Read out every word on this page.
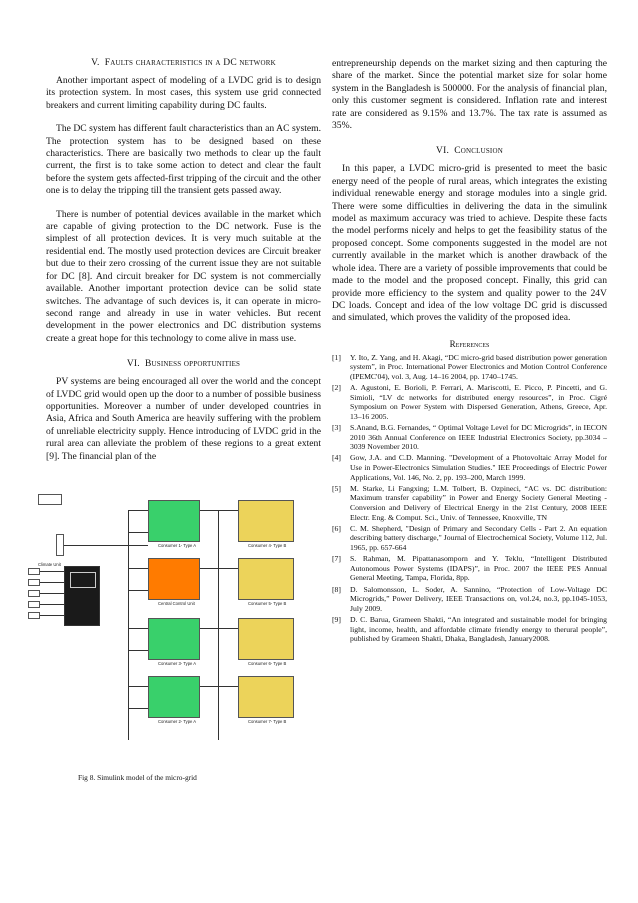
V. Faults characteristics in a DC network

Another important aspect of modeling of a LVDC grid is to design its protection system. In most cases, this system use grid connected breakers and current limiting capability during DC faults.

The DC system has different fault characteristics than an AC system. The protection system has to be designed based on these characteristics. There are basically two methods to clear up the fault current, the first is to take some action to detect and clear the fault before the system gets affected-first tripping of the circuit and the other one is to delay the tripping till the transient gets passed away.

There is number of potential devices available in the market which are capable of giving protection to the DC network. Fuse is the simplest of all protection devices. It is very much suitable at the residential end. The mostly used protection devices are Circuit breaker but due to their zero crossing of the current issue they are not suitable for DC [8]. And circuit breaker for DC system is not commercially available. Another important protection device can be solid state switches. The advantage of such devices is, it can operate in micro-second range and already in use in water vehicles. But recent development in the power electronics and DC distribution systems create a great hope for this technology to come alive in mass use.

VI. Business opportunities

PV systems are being encouraged all over the world and the concept of LVDC grid would open up the door to a number of possible business opportunities. Moreover a number of under developed countries in Asia, Africa and South America are heavily suffering with the problem of unreliable electricity supply. Hence introducing of LVDC grid in the rural area can alleviate the problem of these regions to a great extent [9]. The financial plan of the

Climate Unit
Consumer 1- Type A
Central Control Unit
Consumer 3- Type A
Consumer 2- Type A
Consumer 4- Type B
Consumer 5- Type B
Consumer 6- Type B
Consumer 7- Type B
Fig 8. Simulink model of the micro-grid

entrepreneurship depends on the market sizing and then capturing the share of the market. Since the potential market size for solar home system in the Bangladesh is 500000. For the analysis of financial plan, only this customer segment is considered. Inflation rate and interest rate are considered as 9.15% and 13.7%. The tax rate is assumed as 35%.

VI. Conclusion

In this paper, a LVDC micro-grid is presented to meet the basic energy need of the people of rural areas, which integrates the existing individual renewable energy and storage modules into a single grid. There were some difficulties in delivering the data in the simulink model as maximum accuracy was tried to achieve. Despite these facts the model performs nicely and helps to get the feasibility status of the proposed concept. Some components suggested in the model are not currently available in the market which is another drawback of the whole idea. There are a variety of possible improvements that could be made to the model and the proposed concept. Finally, this grid can provide more efficiency to the system and quality power to the 24V DC loads. Concept and idea of the low voltage DC grid is discussed and simulated, which proves the validity of the proposed idea.

References
[1]	Y. Ito, Z. Yang, and H. Akagi, “DC micro-grid based distribution power generation system”, in Proc. International Power Electronics and Motion Control Conference (IPEMC'04), vol. 3, Aug. 14–16 2004, pp. 1740–1745.
[2]	A. Agustoni, E. Borioli, P. Ferrari, A. Mariscotti, E. Picco, P. Pincetti, and G. Simioli, “LV dc networks for distributed energy resources”, in Proc. Cigré Symposium on Power System with Dispersed Generation, Athens, Greece, Apr. 13–16 2005.
[3]	S.Anand, B.G. Fernandes, “ Optimal Voltage Level for DC Microgrids”, in IECON 2010 36th Annual Conference on IEEE Industrial Electronics Society, pp.3034 –3039 November 2010.
[4]	Gow, J.A. and C.D. Manning. "Development of a Photovoltaic Array Model for Use in Power-Electronics Simulation Studies." IEE Proceedings of Electric Power Applications, Vol. 146, No. 2, pp. 193–200, March 1999.
[5]	M. Starke, Li Fangxing; L.M. Tolbert, B. Ozpineci, “AC vs. DC distribution: Maximum transfer capability” in Power and Energy Society General Meeting - Conversion and Delivery of Electrical Energy in the 21st Century, 2008 IEEE Electr. Eng. & Comput. Sci., Univ. of Tennessee, Knoxville, TN
[6]	C. M. Shepherd, "Design of Primary and Secondary Cells - Part 2. An equation describing battery discharge," Journal of Electrochemical Society, Volume 112, Jul. 1965, pp. 657-664
[7]	S. Rahman, M. Pipattanasomporn and Y. Teklu, “Intelligent Distributed Autonomous Power Systems (IDAPS)”, in Proc. 2007 the IEEE PES Annual General Meeting, Tampa, Florida, 8pp.
[8]	D. Salomonsson, L. Soder, A. Sannino, “Protection of Low-Voltage DC Microgrids,” Power Delivery, IEEE Transactions on, vol.24, no.3, pp.1045-1053, July 2009.
[9]	D. C. Barua, Grameen Shakti, “An integrated and sustainable model for bringing light, income, health, and affordable climate friendly energy to therural people”, published by Grameen Shakti, Dhaka, Bangladesh, January2008.
